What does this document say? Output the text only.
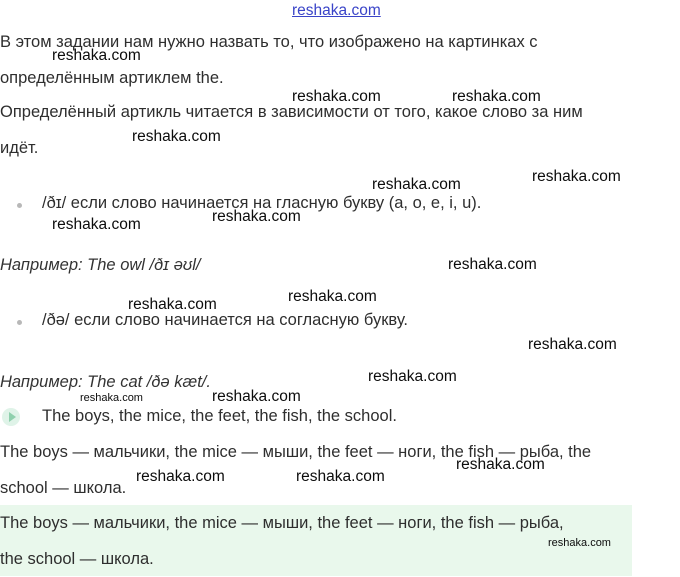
reshaka.com
В этом задании нам нужно назвать то, что изображено на картинках с
определённым артиклем the.
Определённый артикль читается в зависимости от того, какое слово за ним
идёт.
/ðɪ/ если слово начинается на гласную букву (a, o, e, i, u).
Например: The owl /ðɪ əʊl/
/ðə/ если слово начинается на согласную букву.
Например: The cat /ðə kæt/.
The boys, the mice, the feet, the fish, the school.
The boys — мальчики, the mice — мыши, the feet — ноги, the fish — рыба, the
school — школа.
The boys — мальчики, the mice — мыши, the feet — ноги, the fish — рыба,
the school — школа.
reshaka.com
reshaka.com	reshaka.com
reshaka.com
reshaka.com	reshaka.com
reshaka.com
reshaka.com
reshaka.com
reshaka.com
reshaka.com
reshaka.com
reshaka.com
reshaka.com
reshaka.com
reshaka.com
reshaka.com	reshaka.com
reshaka.com
